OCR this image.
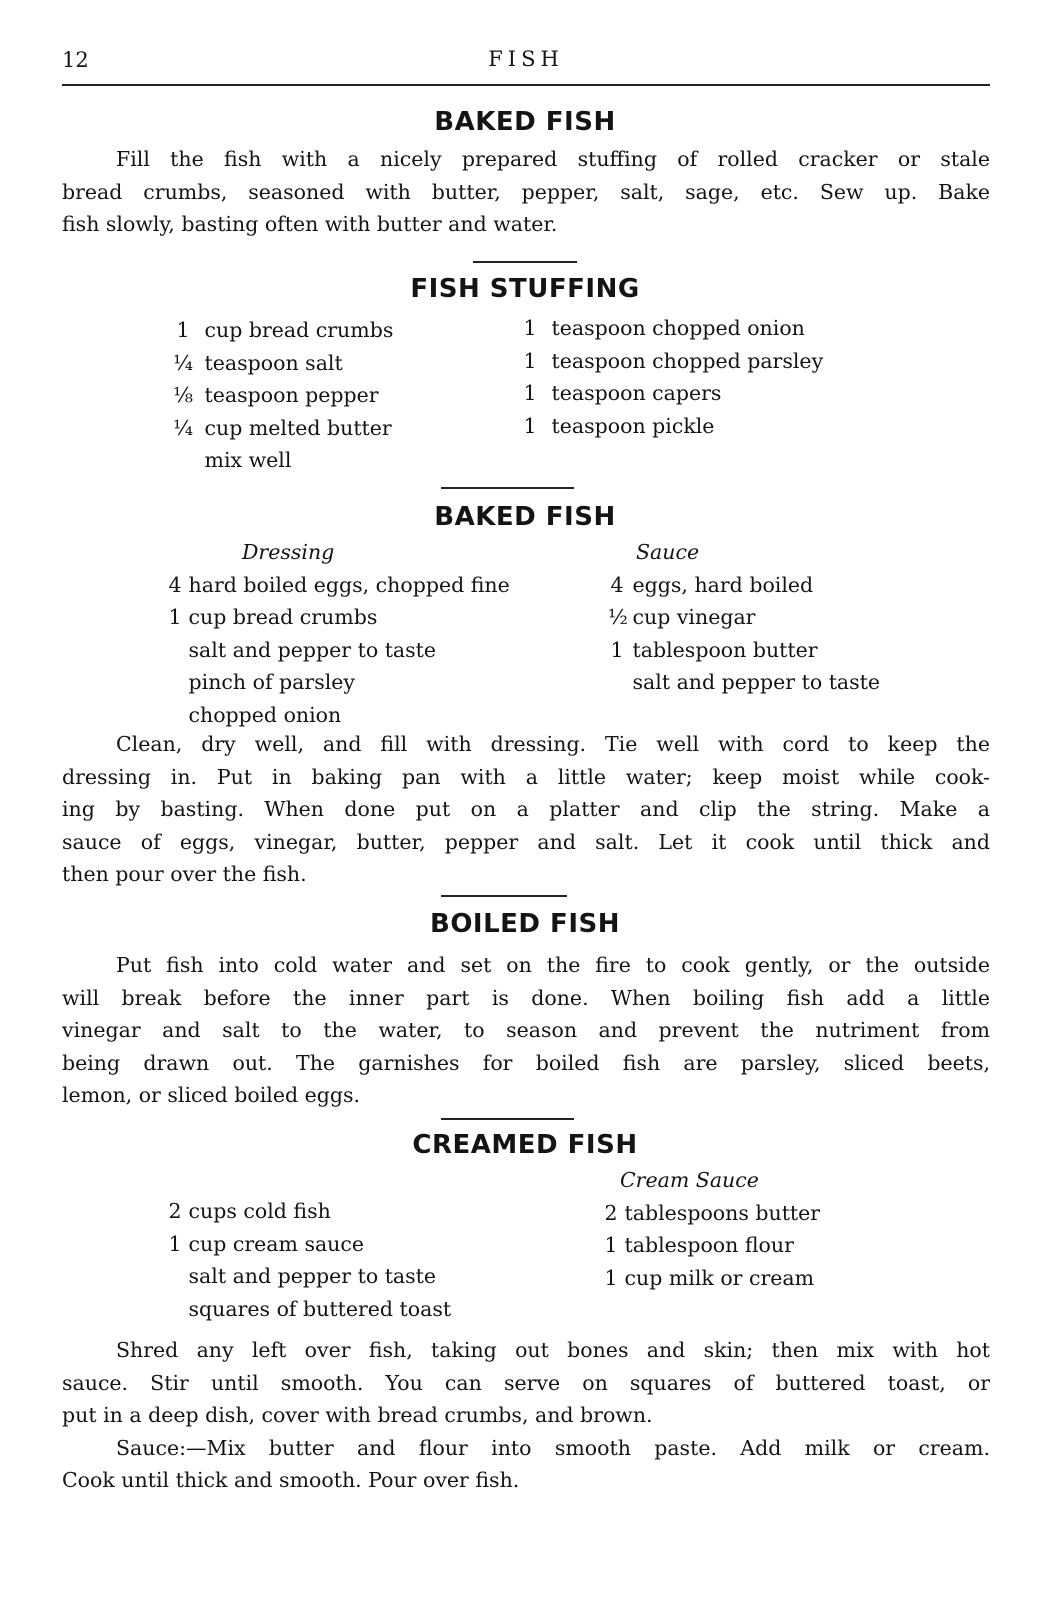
12	FISH
BAKED FISH

Fill the fish with a nicely prepared stuffing of rolled cracker or stale
bread crumbs, seasoned with butter, pepper, salt, sage, etc. Sew up. Bake
fish slowly, basting often with butter and water.

FISH STUFFING
1 cup bread crumbs
¼ teaspoon salt
⅛ teaspoon pepper
¼ cup melted butter
mix well
1 teaspoon chopped onion
1 teaspoon chopped parsley
1 teaspoon capers
1 teaspoon pickle
BAKED FISH
Dressing
4 hard boiled eggs, chopped fine
1 cup bread crumbs
salt and pepper to taste
pinch of parsley
chopped onion
Sauce
4 eggs, hard boiled
½ cup vinegar
1 tablespoon butter
salt and pepper to taste

Clean, dry well, and fill with dressing. Tie well with cord to keep the
dressing in. Put in baking pan with a little water; keep moist while cook-
ing by basting. When done put on a platter and clip the string. Make a
sauce of eggs, vinegar, butter, pepper and salt. Let it cook until thick and
then pour over the fish.

BOILED FISH

Put fish into cold water and set on the fire to cook gently, or the outside
will break before the inner part is done. When boiling fish add a little
vinegar and salt to the water, to season and prevent the nutriment from
being drawn out. The garnishes for boiled fish are parsley, sliced beets,
lemon, or sliced boiled eggs.

CREAMED FISH
2 cups cold fish
1 cup cream sauce
salt and pepper to taste
squares of buttered toast
Cream Sauce
2 tablespoons butter
1 tablespoon flour
1 cup milk or cream

Shred any left over fish, taking out bones and skin; then mix with hot
sauce. Stir until smooth. You can serve on squares of buttered toast, or
put in a deep dish, cover with bread crumbs, and brown.
Sauce:—Mix butter and flour into smooth paste. Add milk or cream.
Cook until thick and smooth. Pour over fish.
